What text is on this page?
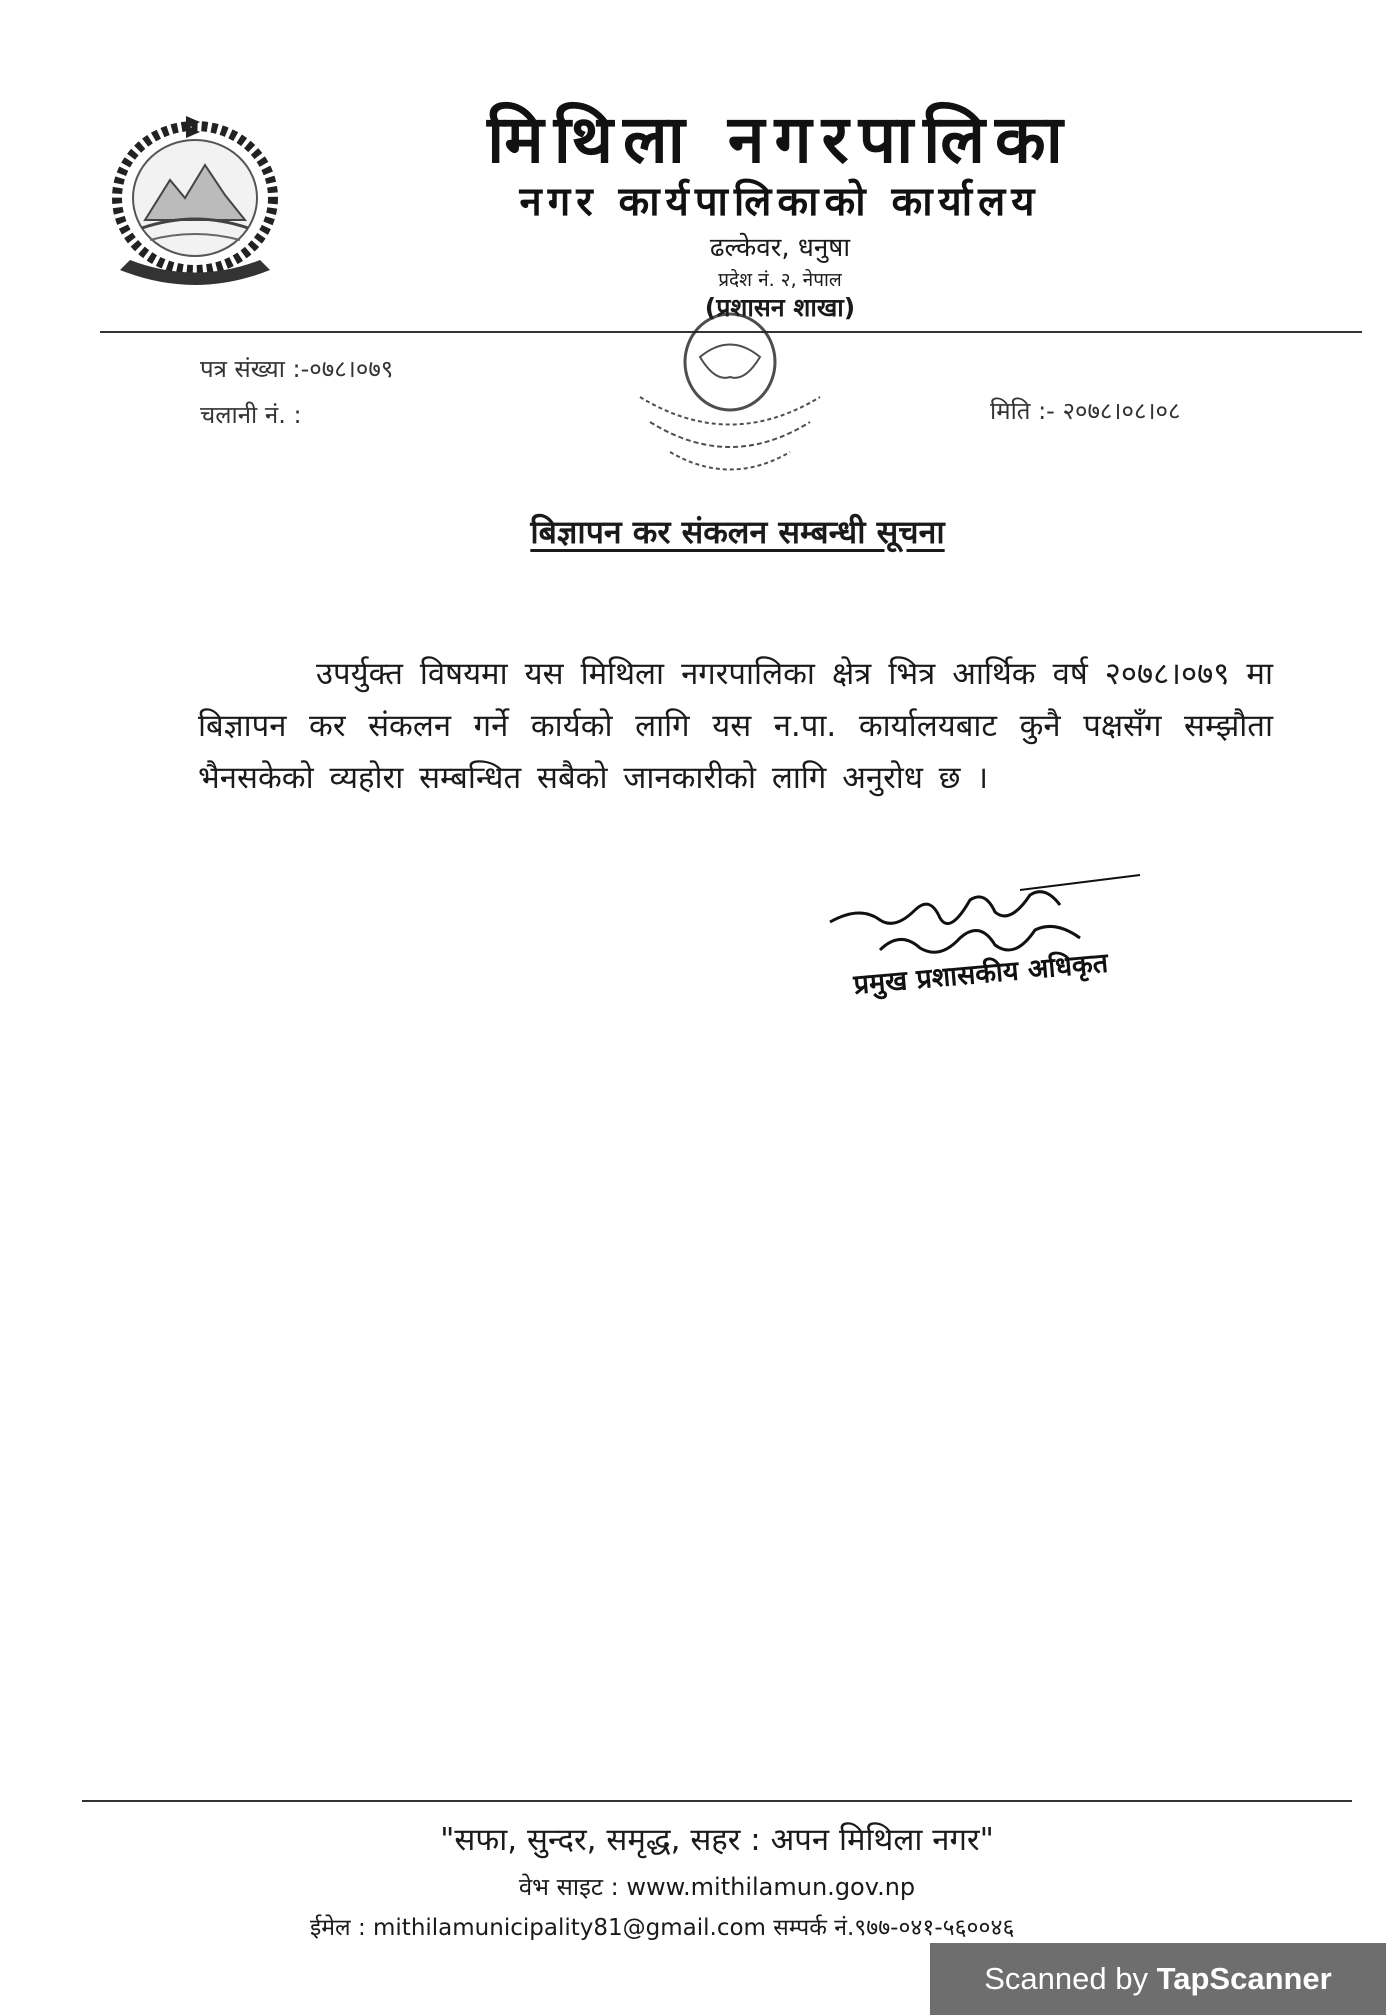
मिथिला नगरपालिका
नगर कार्यपालिकाको कार्यालय
ढल्केवर, धनुषा
प्रदेश नं. २, नेपाल
(प्रशासन शाखा)
पत्र संख्या :-०७८।०७९
चलानी नं. :	मिति :- २०७८।०८।०८
बिज्ञापन कर संकलन सम्बन्धी सूचना
उपर्युक्त विषयमा यस मिथिला नगरपालिका क्षेत्र भित्र आर्थिक वर्ष २०७८।०७९ मा बिज्ञापन कर संकलन गर्ने कार्यको लागि यस न.पा. कार्यालयबाट कुनै पक्षसँग सम्झौता भैनसकेको व्यहोरा सम्बन्धित सबैको जानकारीको लागि अनुरोध छ ।
प्रमुख प्रशासकीय अधिकृत
"सफा, सुन्दर, समृद्ध, सहर : अपन मिथिला नगर"
वेभ साइट : www.mithilamun.gov.np
ईमेल : mithilamunicipality81@gmail.com सम्पर्क नं.९७७-०४१-५६००४६
Scanned by TapScanner
